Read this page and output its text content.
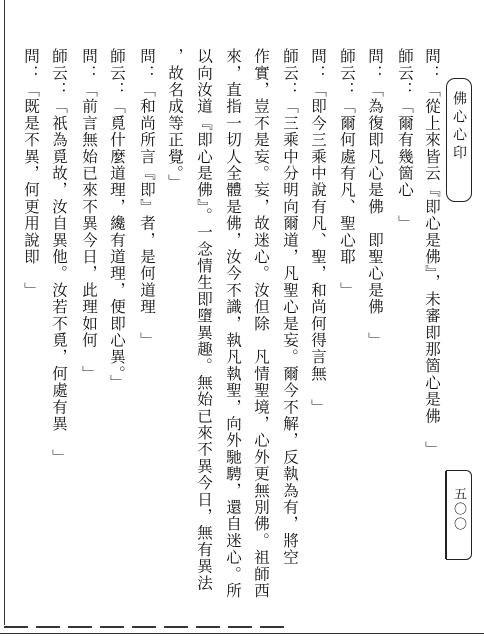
問：「從上來皆云『即心是佛』，未審即那箇心是佛　」
師云：「爾有幾箇心　」
問：「為復即凡心是佛　即聖心是佛　」
師云：「爾何處有凡、聖心耶　」
問：「即今三乘中說有凡、聖，和尚何得言無　」
師云：「三乘中分明向爾道，凡聖心是妄。爾今不解，反執為有，將空
作實，豈不是妄。妄，故迷心。汝但除　凡情聖境，心外更無別佛。祖師西
來，直指一切人全體是佛，汝今不識，執凡執聖，向外馳騁，還自迷心。所
以向汝道『即心是佛』。一念情生即墮異趣。無始已來不異今日，無有異法
，故名成等正覺。」
問：「和尚所言『即』者，是何道理　」
師云：「覓什麼道理，纔有道理，便即心異。」
問：「前言無始已來不異今日，此理如何　」
師云：「祇為覓故，汝自異他。汝若不覓，何處有異　」
問：「既是不異，何更用說即　」	佛心心印
五〇〇
